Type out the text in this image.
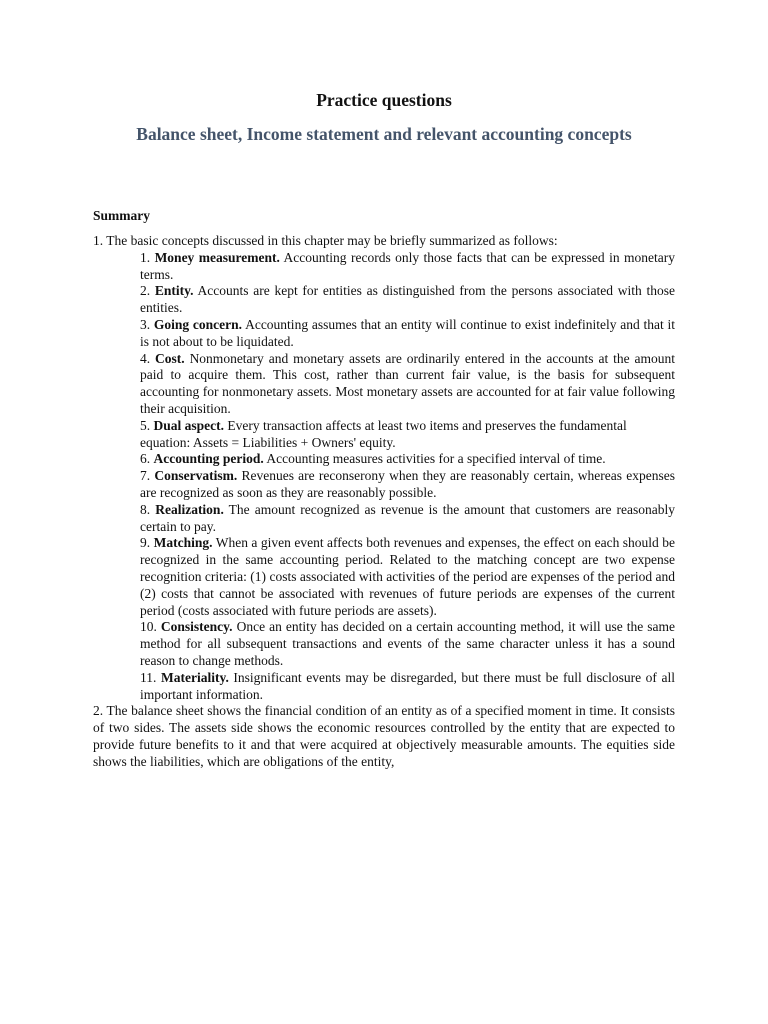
Practice questions
Balance sheet, Income statement and relevant accounting concepts
Summary

1. The basic concepts discussed in this chapter may be briefly summarized as follows:

1. Money measurement. Accounting records only those facts that can be expressed in monetary terms.

2. Entity. Accounts are kept for entities as distinguished from the persons associated with those entities.

3. Going concern. Accounting assumes that an entity will continue to exist indefinitely and that it is not about to be liquidated.

4. Cost. Nonmonetary and monetary assets are ordinarily entered in the accounts at the amount paid to acquire them. This cost, rather than current fair value, is the basis for subsequent accounting for nonmonetary assets. Most monetary assets are accounted for at fair value following their acquisition.

5. Dual aspect. Every transaction affects at least two items and preserves the fundamental

equation: Assets = Liabilities + Owners' equity.

6. Accounting period. Accounting measures activities for a specified interval of time.

7. Conservatism. Revenues are reconserony when they are reasonably certain, whereas expenses are recognized as soon as they are reasonably possible.

8. Realization. The amount recognized as revenue is the amount that customers are reasonably certain to pay.

9. Matching. When a given event affects both revenues and expenses, the effect on each should be recognized in the same accounting period. Related to the matching concept are two expense recognition criteria: (1) costs associated with activities of the period are expenses of the period and (2) costs that cannot be associated with revenues of future periods are expenses of the current period (costs associated with future periods are assets).

10. Consistency. Once an entity has decided on a certain accounting method, it will use the same method for all subsequent transactions and events of the same character unless it has a sound reason to change methods.

11. Materiality. Insignificant events may be disregarded, but there must be full disclosure of all important information.

2. The balance sheet shows the financial condition of an entity as of a specified moment in time. It consists of two sides. The assets side shows the economic resources controlled by the entity that are expected to provide future benefits to it and that were acquired at objectively measurable amounts. The equities side shows the liabilities, which are obligations of the entity,
